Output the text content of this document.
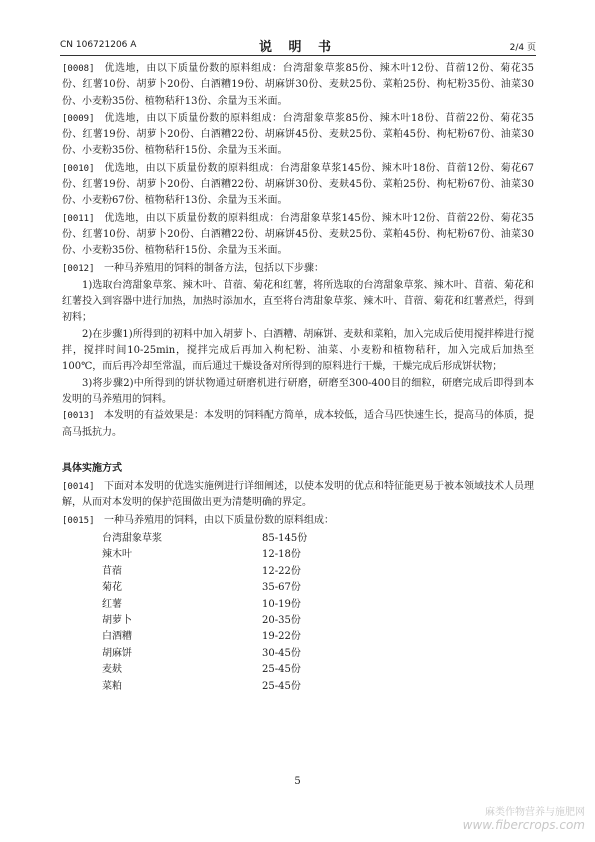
CN 106721206 A	说 明 书	2/4 页

[0008] 优选地，由以下质量份数的原料组成：台湾甜象草浆85份、辣木叶12份、苜蓿12份、菊花35份、红薯10份、胡萝卜20份、白酒糟19份、胡麻饼30份、麦麸25份、菜粕25份、枸杞粉35份、油菜30份、小麦粉35份、植物秸秆13份、余量为玉米面。

[0009] 优选地，由以下质量份数的原料组成：台湾甜象草浆85份、辣木叶18份、苜蓿22份、菊花35份、红薯19份、胡萝卜20份、白酒糟22份、胡麻饼45份、麦麸25份、菜粕45份、枸杞粉67份、油菜30份、小麦粉35份、植物秸秆15份、余量为玉米面。

[0010] 优选地，由以下质量份数的原料组成：台湾甜象草浆145份、辣木叶18份、苜蓿12份、菊花67份、红薯19份、胡萝卜20份、白酒糟22份、胡麻饼30份、麦麸45份、菜粕25份、枸杞粉67份、油菜30份、小麦粉67份、植物秸秆13份、余量为玉米面。

[0011] 优选地，由以下质量份数的原料组成：台湾甜象草浆145份、辣木叶12份、苜蓿22份、菊花35份、红薯10份、胡萝卜20份、白酒糟22份、胡麻饼45份、麦麸25份、菜粕45份、枸杞粉67份、油菜30份、小麦粉35份、植物秸秆15份、余量为玉米面。

[0012] 一种马养殖用的饲料的制备方法，包括以下步骤：

1)选取台湾甜象草浆、辣木叶、苜蓿、菊花和红薯，将所选取的台湾甜象草浆、辣木叶、苜蓿、菊花和红薯投入到容器中进行加热，加热时添加水，直至将台湾甜象草浆、辣木叶、苜蓿、菊花和红薯煮烂，得到初料；

2)在步骤1)所得到的初料中加入胡萝卜、白酒糟、胡麻饼、麦麸和菜粕，加入完成后使用搅拌棒进行搅拌，搅拌时间10-25min，搅拌完成后再加入枸杞粉、油菜、小麦粉和植物秸秆，加入完成后加热至100℃，而后再冷却至常温，而后通过干燥设备对所得到的原料进行干燥，干燥完成后形成饼状物；

3)将步骤2)中所得到的饼状物通过研磨机进行研磨，研磨至300-400目的细粒，研磨完成后即得到本发明的马养殖用的饲料。

[0013] 本发明的有益效果是：本发明的饲料配方简单，成本较低，适合马匹快速生长，提高马的体质，提高马抵抗力。

具体实施方式

[0014] 下面对本发明的优选实施例进行详细阐述，以使本发明的优点和特征能更易于被本领域技术人员理解，从而对本发明的保护范围做出更为清楚明确的界定。

[0015] 一种马养殖用的饲料，由以下质量份数的原料组成：

台湾甜象草浆	85-145份
辣木叶	12-18份
苜蓿	12-22份
菊花	35-67份
红薯	10-19份
胡萝卜	20-35份
白酒糟	19-22份
胡麻饼	30-45份
麦麸	25-45份
菜粕	25-45份
5
麻类作物营养与施肥网
www.fibercrops.com
